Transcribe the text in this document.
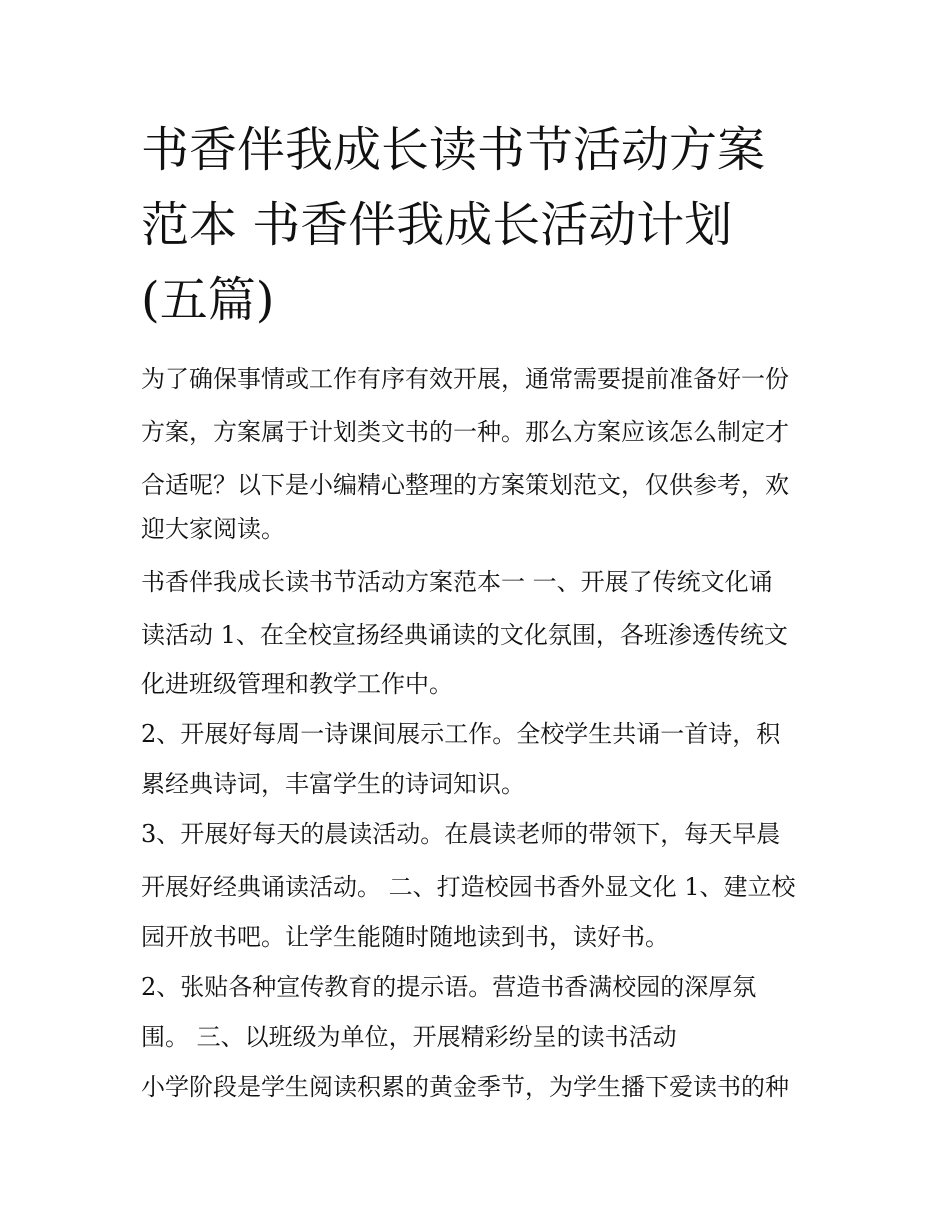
书香伴我成长读书节活动方案
范本 书香伴我成长活动计划
(五篇)
为了确保事情或工作有序有效开展，通常需要提前准备好一份
方案，方案属于计划类文书的一种。那么方案应该怎么制定才
合适呢？以下是小编精心整理的方案策划范文，仅供参考，欢
迎大家阅读。
书香伴我成长读书节活动方案范本一 一、开展了传统文化诵
读活动 1、在全校宣扬经典诵读的文化氛围，各班渗透传统文
化进班级管理和教学工作中。
2、开展好每周一诗课间展示工作。全校学生共诵一首诗，积
累经典诗词，丰富学生的诗词知识。
3、开展好每天的晨读活动。在晨读老师的带领下，每天早晨
开展好经典诵读活动。 二、打造校园书香外显文化 1、建立校
园开放书吧。让学生能随时随地读到书，读好书。
2、张贴各种宣传教育的提示语。营造书香满校园的深厚氛
围。 三、以班级为单位，开展精彩纷呈的读书活动
小学阶段是学生阅读积累的黄金季节，为学生播下爱读书的种
